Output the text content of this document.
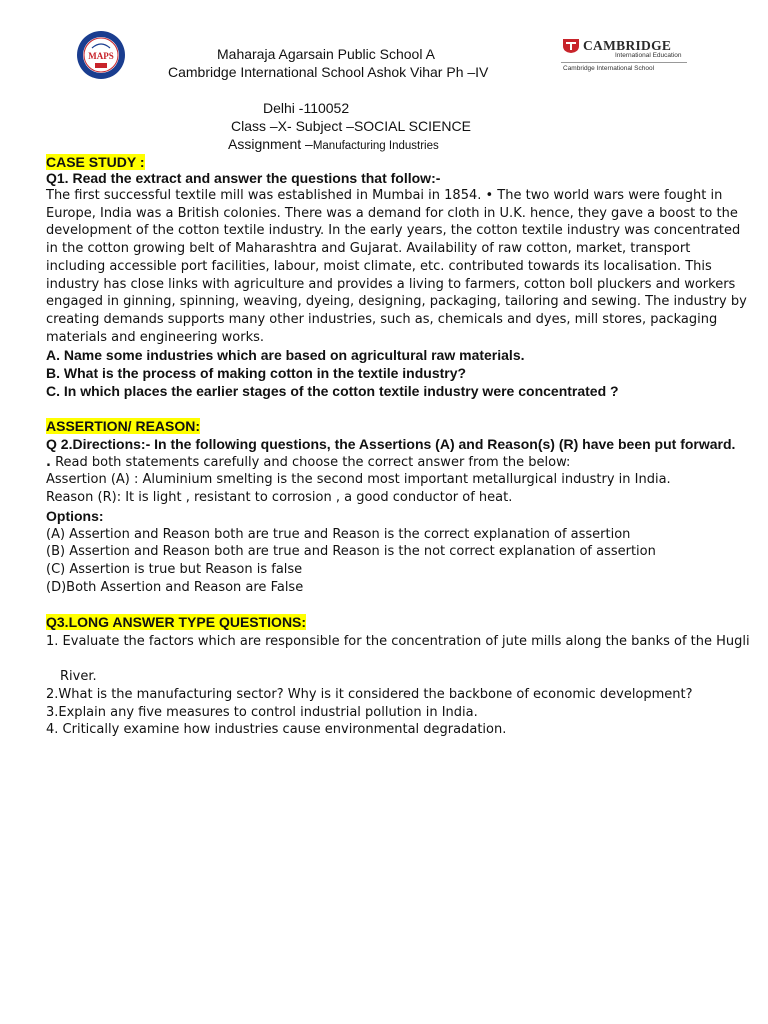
MAPS
CAMBRIDGE
International Education
Cambridge International School
Maharaja Agarsain Public School A
Cambridge International School Ashok Vihar Ph –IV
Delhi -110052
Class –X- Subject –SOCIAL SCIENCE
Assignment –Manufacturing Industries
CASE STUDY :
Q1. Read the extract and answer the questions that follow:-
The first successful textile mill was established in Mumbai in 1854. • The two world wars were fought in
Europe, India was a British colonies. There was a demand for cloth in U.K. hence, they gave a boost to the
development of the cotton textile industry. In the early years, the cotton textile industry was concentrated
in the cotton growing belt of Maharashtra and Gujarat. Availability of raw cotton, market, transport
including accessible port facilities, labour, moist climate, etc. contributed towards its localisation. This
industry has close links with agriculture and provides a living to farmers, cotton boll pluckers and workers
engaged in ginning, spinning, weaving, dyeing, designing, packaging, tailoring and sewing. The industry by
creating demands supports many other industries, such as, chemicals and dyes, mill stores, packaging
materials and engineering works.
A. Name some industries which are based on agricultural raw materials.
B. What is the process of making cotton in the textile industry?
C. In which places the earlier stages of the cotton textile industry were concentrated ?
ASSERTION/ REASON:
Q 2.Directions:- In the following questions, the Assertions (A) and Reason(s) (R) have been put forward.
. Read both statements carefully and choose the correct answer from the below:
Assertion (A) : Aluminium smelting is the second most important metallurgical industry in India.
Reason (R): It is light , resistant to corrosion , a good conductor of heat.
Options:
(A) Assertion and Reason both are true and Reason is the correct explanation of assertion
(B) Assertion and Reason both are true and Reason is the not correct explanation of assertion
(C) Assertion is true but Reason is false
(D)Both Assertion and Reason are False
Q3.LONG ANSWER TYPE QUESTIONS:
1. Evaluate the factors which are responsible for the concentration of jute mills along the banks of the Hugli
River.
2.What is the manufacturing sector? Why is it considered the backbone of economic development?
3.Explain any five measures to control industrial pollution in India.
4. Critically examine how industries cause environmental degradation.
